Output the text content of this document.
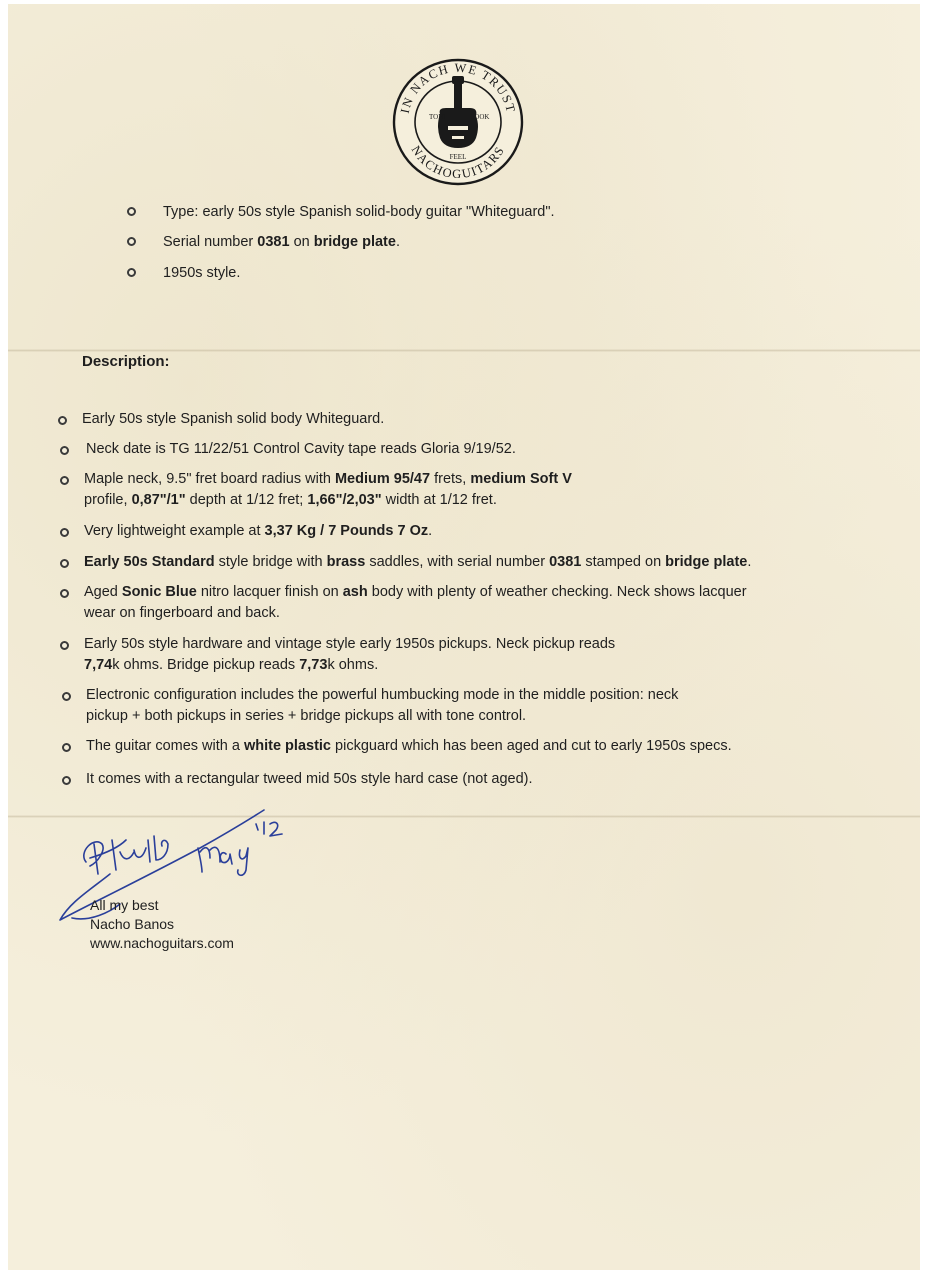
IN NACH WE TRUST
NACHOGUITARS
TONE	LOOK
FEEL
Type: early 50s style Spanish solid-body guitar "Whiteguard".
Serial number 0381 on bridge plate.
1950s style.
Description:
Early 50s style Spanish solid body Whiteguard.
Neck date is TG 11/22/51 Control Cavity tape reads Gloria 9/19/52.
Maple neck, 9.5" fret board radius with Medium 95/47 frets, medium Soft V
profile, 0,87"/1" depth at 1/12 fret; 1,66"/2,03" width at 1/12 fret.
Very lightweight example at 3,37 Kg / 7 Pounds 7 Oz.
Early 50s Standard style bridge with brass saddles, with serial number 0381 stamped on bridge plate.
Aged Sonic Blue nitro lacquer finish on ash body with plenty of weather checking. Neck shows lacquer
wear on fingerboard and back.
Early 50s style hardware and vintage style early 1950s pickups. Neck pickup reads
7,74k ohms. Bridge pickup reads 7,73k ohms.
Electronic configuration includes the powerful humbucking mode in the middle position: neck
pickup + both pickups in series + bridge pickups all with tone control.
The guitar comes with a white plastic pickguard which has been aged and cut to early 1950s specs.
It comes with a rectangular tweed mid 50s style hard case (not aged).
All my best
Nacho Banos
www.nachoguitars.com
